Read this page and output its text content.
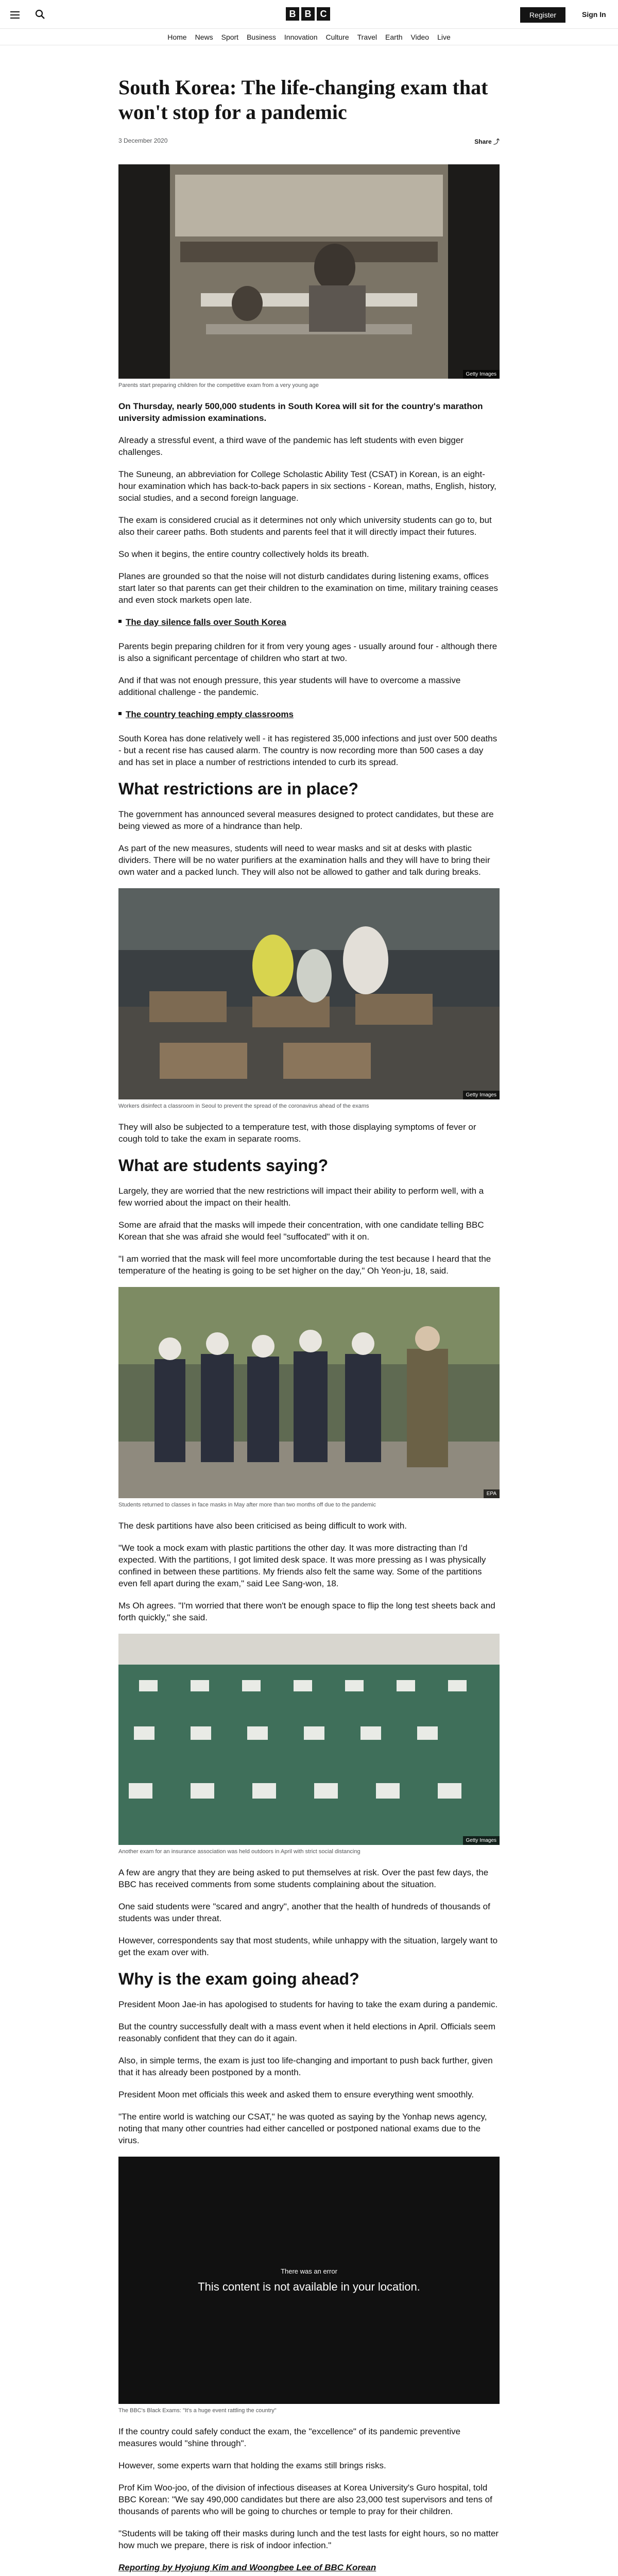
B B C	Register	Sign In
Home News Sport Business Innovation Culture Travel Earth Video Live
South Korea: The life-changing exam that won't stop for a pandemic
3 December 2020	Share ⤴
Getty Images
Parents start preparing children for the competitive exam from a very young age

On Thursday, nearly 500,000 students in South Korea will sit for the country's marathon university admission examinations.

Already a stressful event, a third wave of the pandemic has left students with even bigger challenges.

The Suneung, an abbreviation for College Scholastic Ability Test (CSAT) in Korean, is an eight-hour examination which has back-to-back papers in six sections - Korean, maths, English, history, social studies, and a second foreign language.

The exam is considered crucial as it determines not only which university students can go to, but also their career paths. Both students and parents feel that it will directly impact their futures.

So when it begins, the entire country collectively holds its breath.

Planes are grounded so that the noise will not disturb candidates during listening exams, offices start later so that parents can get their children to the examination on time, military training ceases and even stock markets open late.

The day silence falls over South Korea

Parents begin preparing children for it from very young ages - usually around four - although there is also a significant percentage of children who start at two.

And if that was not enough pressure, this year students will have to overcome a massive additional challenge - the pandemic.

The country teaching empty classrooms

South Korea has done relatively well - it has registered 35,000 infections and just over 500 deaths - but a recent rise has caused alarm. The country is now recording more than 500 cases a day and has set in place a number of restrictions intended to curb its spread.

What restrictions are in place?

The government has announced several measures designed to protect candidates, but these are being viewed as more of a hindrance than help.

As part of the new measures, students will need to wear masks and sit at desks with plastic dividers. There will be no water purifiers at the examination halls and they will have to bring their own water and a packed lunch. They will also not be allowed to gather and talk during breaks.

Getty Images
Workers disinfect a classroom in Seoul to prevent the spread of the coronavirus ahead of the exams

They will also be subjected to a temperature test, with those displaying symptoms of fever or cough told to take the exam in separate rooms.

What are students saying?

Largely, they are worried that the new restrictions will impact their ability to perform well, with a few worried about the impact on their health.

Some are afraid that the masks will impede their concentration, with one candidate telling BBC Korean that she was afraid she would feel "suffocated" with it on.

"I am worried that the mask will feel more uncomfortable during the test because I heard that the temperature of the heating is going to be set higher on the day," Oh Yeon-ju, 18, said.

EPA
Students returned to classes in face masks in May after more than two months off due to the pandemic

The desk partitions have also been criticised as being difficult to work with.

"We took a mock exam with plastic partitions the other day. It was more distracting than I'd expected. With the partitions, I got limited desk space. It was more pressing as I was physically confined in between these partitions. My friends also felt the same way. Some of the partitions even fell apart during the exam," said Lee Sang-won, 18.

Ms Oh agrees. "I'm worried that there won't be enough space to flip the long test sheets back and forth quickly," she said.

Getty Images
Another exam for an insurance association was held outdoors in April with strict social distancing

A few are angry that they are being asked to put themselves at risk. Over the past few days, the BBC has received comments from some students complaining about the situation.

One said students were "scared and angry", another that the health of hundreds of thousands of students was under threat.

However, correspondents say that most students, while unhappy with the situation, largely want to get the exam over with.

Why is the exam going ahead?

President Moon Jae-in has apologised to students for having to take the exam during a pandemic.

But the country successfully dealt with a mass event when it held elections in April. Officials seem reasonably confident that they can do it again.

Also, in simple terms, the exam is just too life-changing and important to push back further, given that it has already been postponed by a month.

President Moon met officials this week and asked them to ensure everything went smoothly.

"The entire world is watching our CSAT," he was quoted as saying by the Yonhap news agency, noting that many other countries had either cancelled or postponed national exams due to the virus.

There was an error
This content is not available in your location.
The BBC's Black Exams: "It's a huge event rattling the country"

If the country could safely conduct the exam, the "excellence" of its pandemic preventive measures would "shine through".

However, some experts warn that holding the exams still brings risks.

Prof Kim Woo-joo, of the division of infectious diseases at Korea University's Guro hospital, told BBC Korean: "We say 490,000 candidates but there are also 23,000 test supervisors and tens of thousands of parents who will be going to churches or temple to pray for their children.

"Students will be taking off their masks during lunch and the test lasts for eight hours, so no matter how much we prepare, there is risk of indoor infection."

Reporting by Hyojung Kim and Woongbee Lee of BBC Korean
